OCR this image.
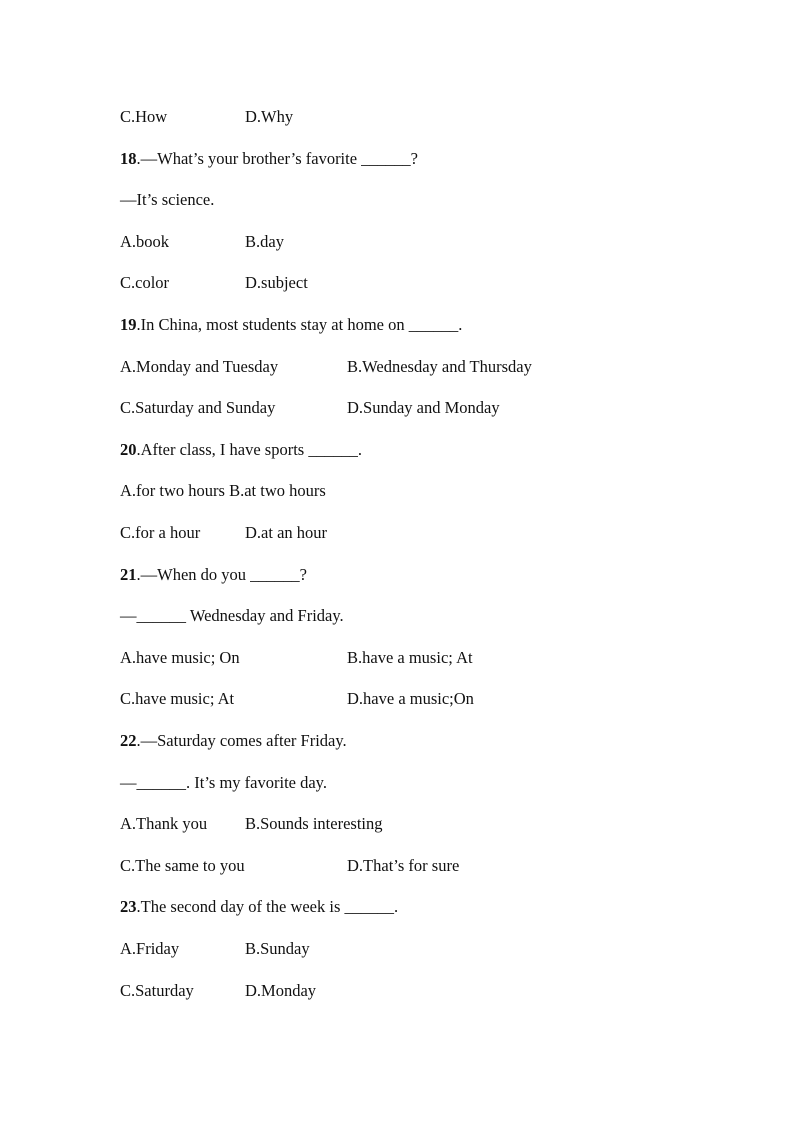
C.How	D.Why
18.—What’s your brother’s favorite ______?
—It’s science.
A.book	B.day
C.color	D.subject
19.In China, most students stay at home on ______.
A.Monday and Tuesday	B.Wednesday and Thursday
C.Saturday and Sunday	D.Sunday and Monday
20.After class, I have sports ______.
A.for two hours B.at two hours
C.for a hour	D.at an hour
21.—When do you ______?
—______ Wednesday and Friday.
A.have music; On	B.have a music; At
C.have music; At	D.have a music;On
22.—Saturday comes after Friday.
—______. It’s my favorite day.
A.Thank you B.Sounds interesting
C.The same to you	D.That’s for sure
23.The second day of the week is ______.
A.Friday	B.Sunday
C.Saturday	D.Monday
